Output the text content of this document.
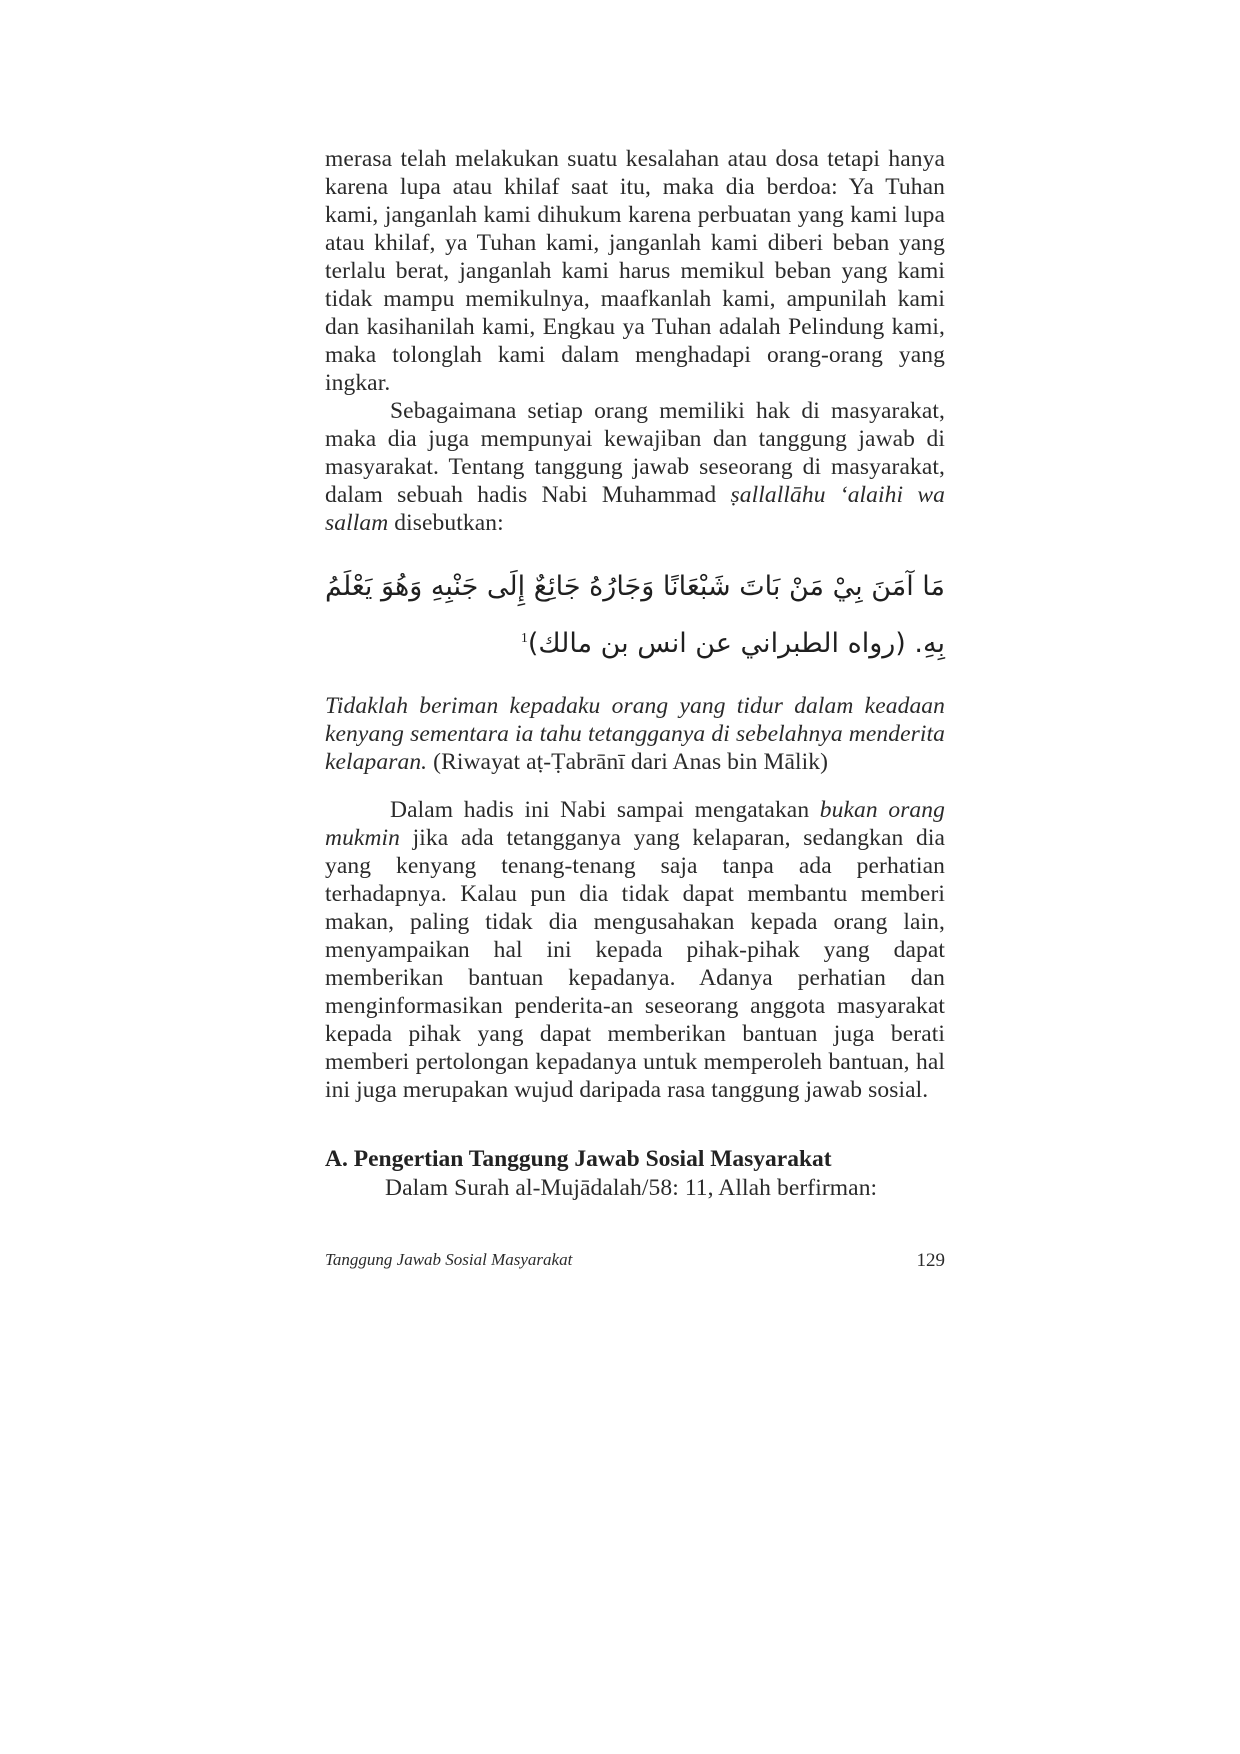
merasa telah melakukan suatu kesalahan atau dosa tetapi hanya karena lupa atau khilaf saat itu, maka dia berdoa: Ya Tuhan kami, janganlah kami dihukum karena perbuatan yang kami lupa atau khilaf, ya Tuhan kami, janganlah kami diberi beban yang terlalu berat, janganlah kami harus memikul beban yang kami tidak mampu memikulnya, maafkanlah kami, ampunilah kami dan kasihanilah kami, Engkau ya Tuhan adalah Pelindung kami, maka tolonglah kami dalam menghadapi orang-orang yang ingkar.

Sebagaimana setiap orang memiliki hak di masyarakat, maka dia juga mempunyai kewajiban dan tanggung jawab di masyarakat. Tentang tanggung jawab seseorang di masyarakat, dalam sebuah hadis Nabi Muhammad ṣallallāhu ‘alaihi wa sallam disebutkan:

مَا آمَنَ بِيْ مَنْ بَاتَ شَبْعَانًا وَجَارُهُ جَائِعٌ إِلَى جَنْبِهِ وَهُوَ يَعْلَمُ بِهِ. (رواه الطبراني عن انس بن مالك)$^1$

Tidaklah beriman kepadaku orang yang tidur dalam keadaan kenyang sementara ia tahu tetangganya di sebelahnya menderita kelaparan. (Riwayat aṭ-Ṭabrānī dari Anas bin Mālik)

Dalam hadis ini Nabi sampai mengatakan bukan orang mukmin jika ada tetangganya yang kelaparan, sedangkan dia yang kenyang tenang-tenang saja tanpa ada perhatian terhadapnya. Kalau pun dia tidak dapat membantu memberi makan, paling tidak dia mengusahakan kepada orang lain, menyampaikan hal ini kepada pihak-pihak yang dapat memberikan bantuan kepadanya. Adanya perhatian dan menginformasikan penderita-an seseorang anggota masyarakat kepada pihak yang dapat memberikan bantuan juga berati memberi pertolongan kepadanya untuk memperoleh bantuan, hal ini juga merupakan wujud daripada rasa tanggung jawab sosial.

A. Pengertian Tanggung Jawab Sosial Masyarakat

Dalam Surah al-Mujādalah/58: 11, Allah berfirman:

Tanggung Jawab Sosial Masyarakat	129
